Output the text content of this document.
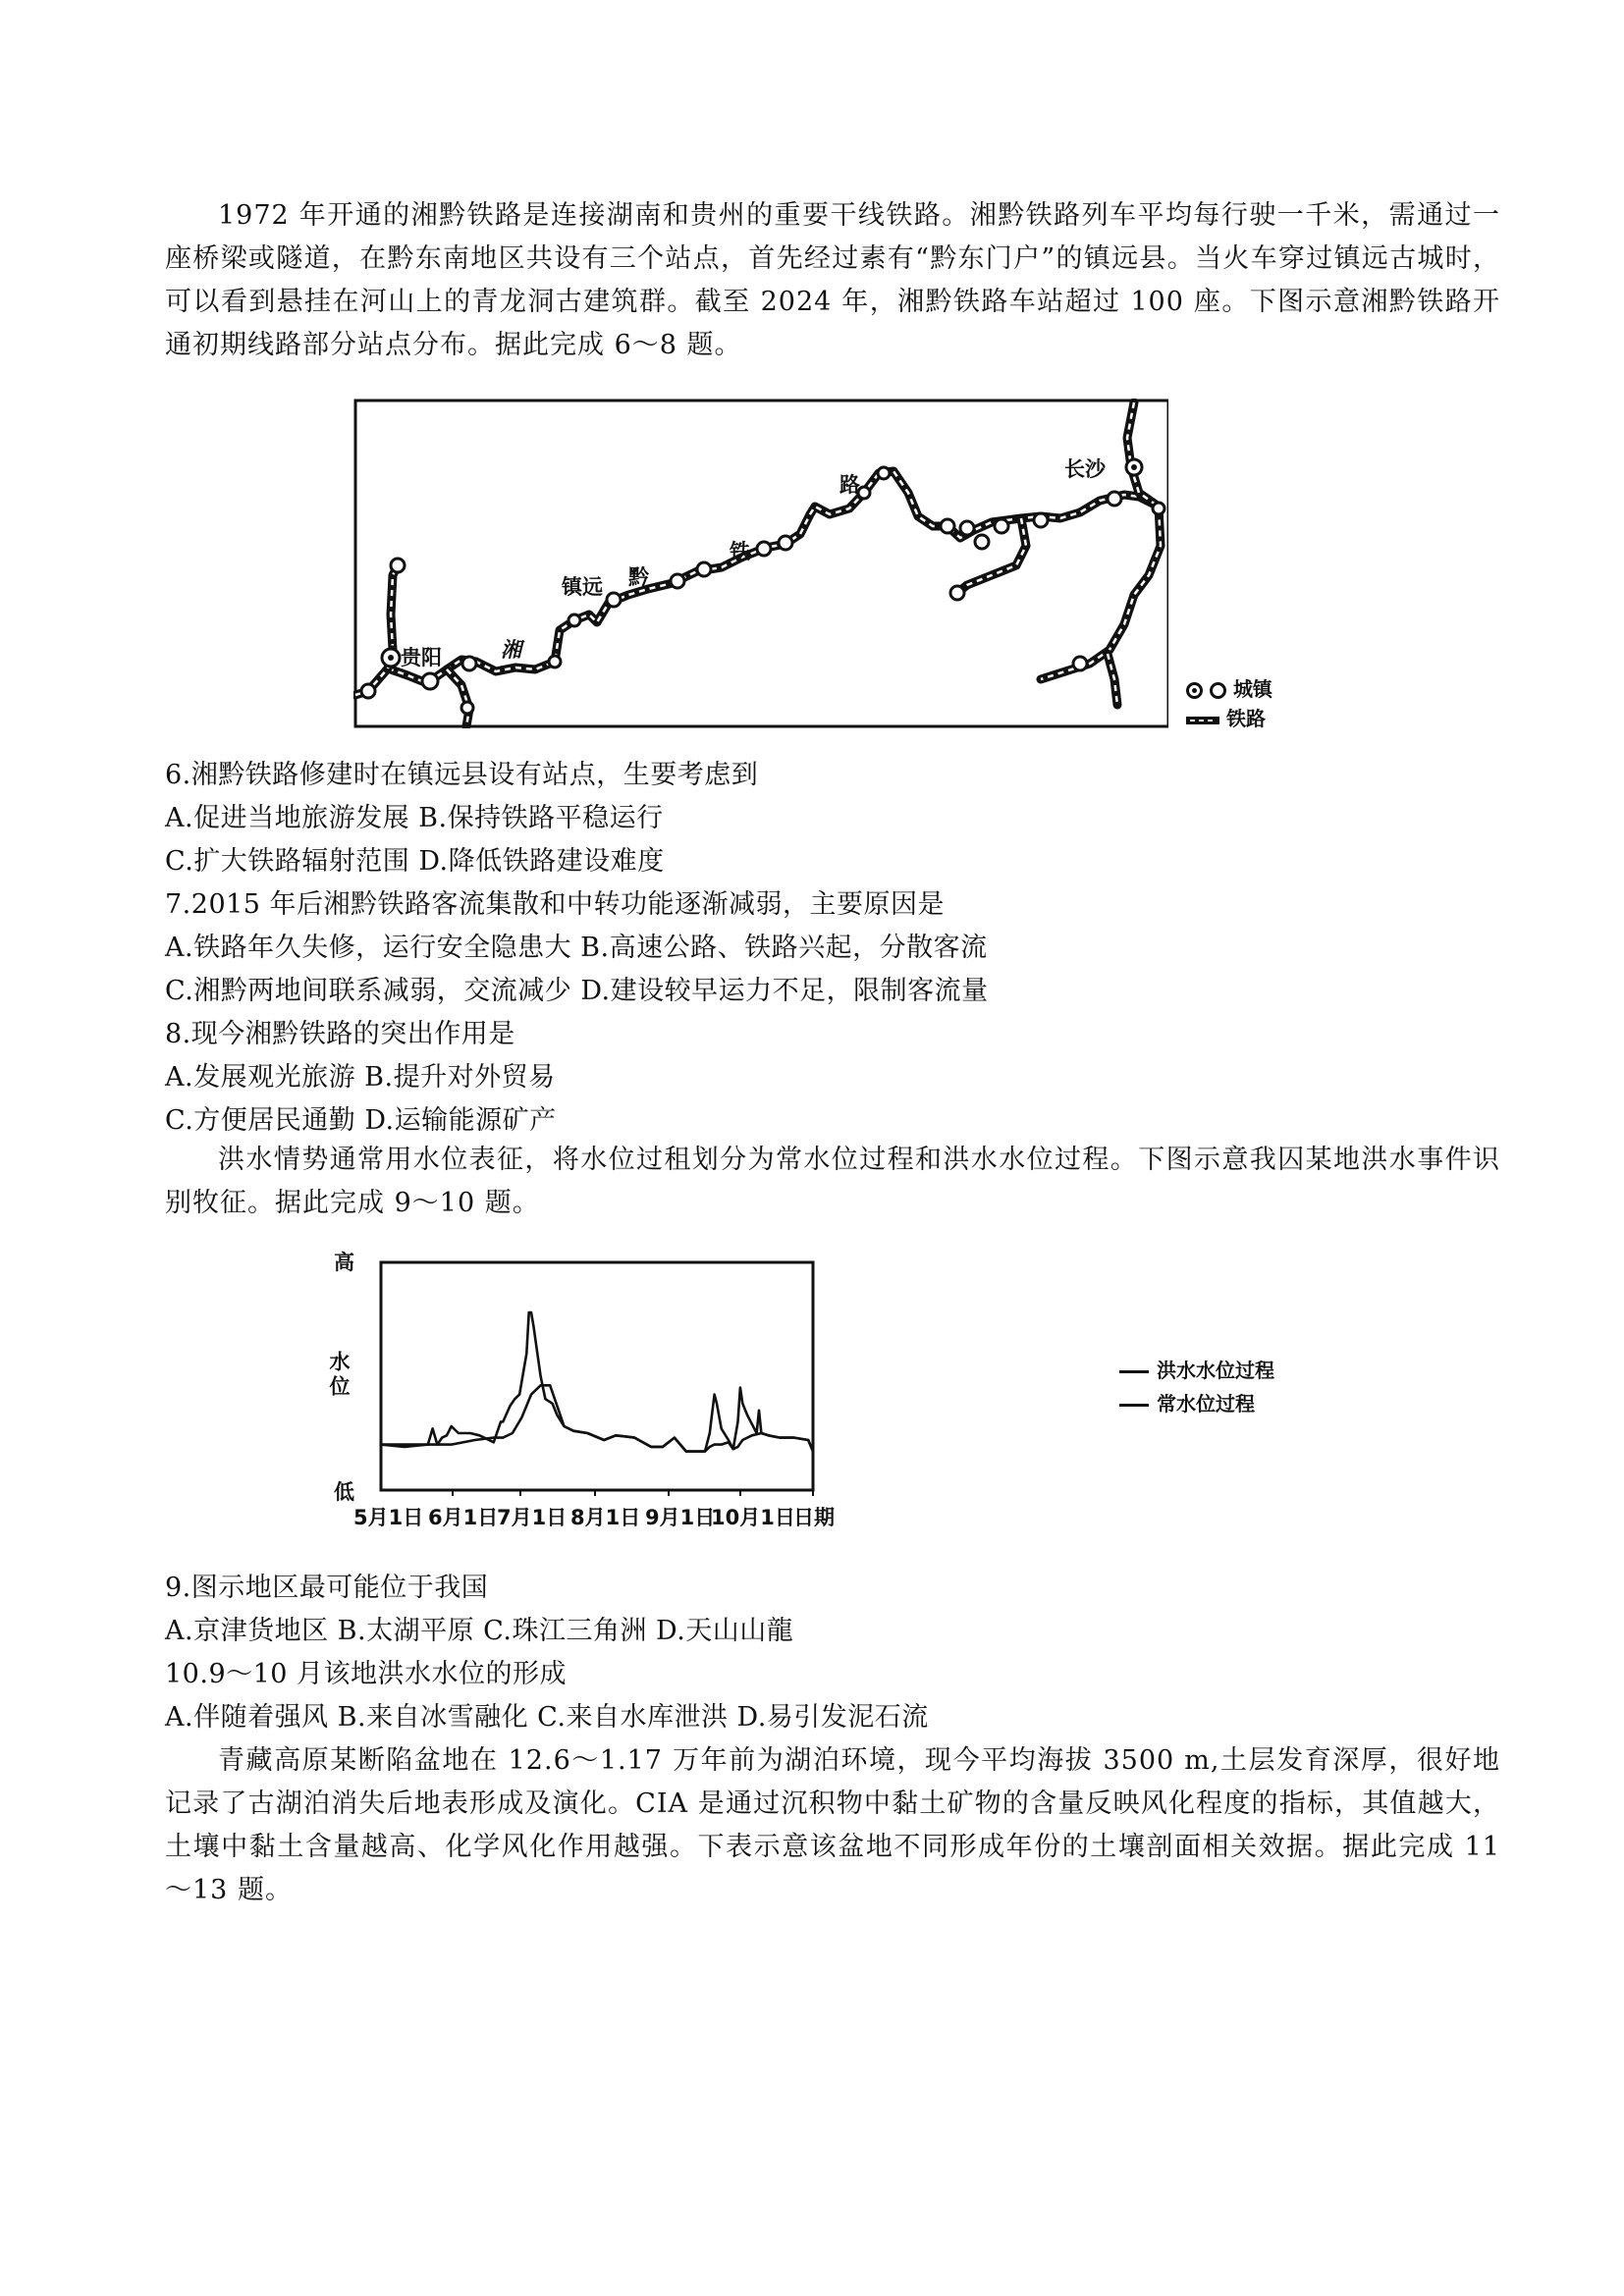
1972 年开通的湘黔铁路是连接湖南和贵州的重要干线铁路。湘黔铁路列车平均每行驶一千米，需通过一座桥梁或隧道，在黔东南地区共设有三个站点，首先经过素有“黔东门户”的镇远县。当火车穿过镇远古城时，可以看到悬挂在河山上的青龙洞古建筑群。截至 2024 年，湘黔铁路车站超过 100 座。下图示意湘黔铁路开通初期线路部分站点分布。据此完成 6～8 题。
贵阳	湘
镇远 黔
铁
路
长沙
城镇
铁路
6.湘黔铁路修建时在镇远县设有站点，生要考虑到
A.促进当地旅游发展 B.保持铁路平稳运行
C.扩大铁路辐射范围 D.降低铁路建设难度
7.2015 年后湘黔铁路客流集散和中转功能逐渐减弱，主要原因是
A.铁路年久失修，运行安全隐患大 B.高速公路、铁路兴起，分散客流
C.湘黔两地间联系减弱，交流减少 D.建设较早运力不足，限制客流量
8.现今湘黔铁路的突出作用是
A.发展观光旅游 B.提升对外贸易
C.方便居民通勤 D.运输能源矿产
洪水情势通常用水位表征，将水位过租划分为常水位过程和洪水水位过程。下图示意我囚某地洪水事件识别牧征。据此完成 9～10 题。
高
低
水位
5月1日 6月1日
7月1日 8月1日 9月1日
10月1日
日期
洪水水位过程
常水位过程
9.图示地区最可能位于我国
A.京津货地区 B.太湖平原 C.珠江三角洲 D.天山山龍
10.9～10 月该地洪水水位的形成
A.伴随着强风 B.来自冰雪融化 C.来自水库泄洪 D.易引发泥石流
青藏高原某断陷盆地在 12.6～1.17 万年前为湖泊环境，现今平均海拔 3500 m,土层发育深厚，很好地记录了古湖泊消失后地表形成及演化。CIA 是通过沉积物中黏土矿物的含量反映风化程度的指标，其值越大，土壤中黏土含量越高、化学风化作用越强。下表示意该盆地不同形成年份的土壤剖面相关效据。据此完成 11～13 题。
